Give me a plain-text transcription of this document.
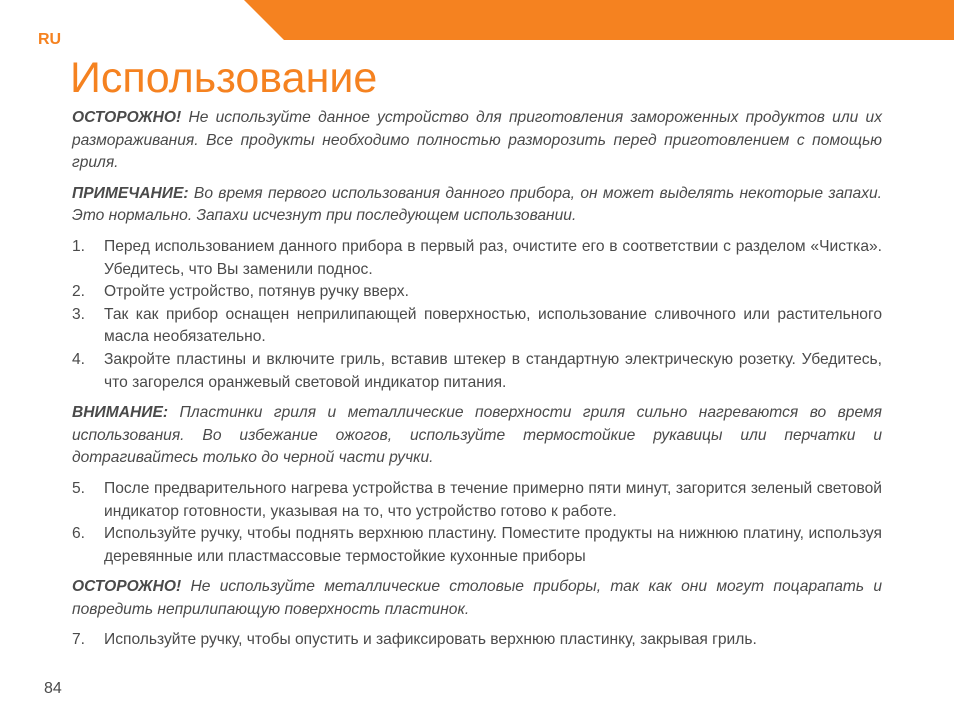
RU
Использование

ОСТОРОЖНО! Не используйте данное устройство для приготовления замороженных продуктов или их размораживания. Все продукты необходимо полностью разморозить перед приготовлением с помощью гриля.

ПРИМЕЧАНИЕ: Во время первого использования данного прибора, он может выделять некоторые запахи. Это нормально. Запахи исчезнут при последующем использовании.

1.	Перед использованием данного прибора в первый раз, очистите его в соответствии с разделом «Чистка». Убедитесь, что Вы заменили поднос.
2.	Отройте устройство, потянув ручку вверх.
3.	Так как прибор оснащен неприлипающей поверхностью, использование сливочного или растительного масла необязательно.
4.	Закройте пластины и включите гриль, вставив штекер в стандартную электрическую розетку. Убедитесь, что загорелся оранжевый световой индикатор питания.

ВНИМАНИЕ: Пластинки гриля и металлические поверхности гриля сильно нагреваются во время использования. Во избежание ожогов, используйте термостойкие рукавицы или перчатки и дотрагивайтесь только до черной части ручки.

5.	После предварительного нагрева устройства в течение примерно пяти минут, загорится зеленый световой индикатор готовности, указывая на то, что устройство готово к работе.
6.	Используйте ручку, чтобы поднять верхнюю пластину. Поместите продукты на нижнюю платину, используя деревянные или пластмассовые термостойкие кухонные приборы

ОСТОРОЖНО! Не используйте металлические столовые приборы, так как они могут поцарапать и повредить неприлипающую поверхность пластинок.

7.	Используйте ручку, чтобы опустить и зафиксировать верхнюю пластинку, закрывая гриль.
84
